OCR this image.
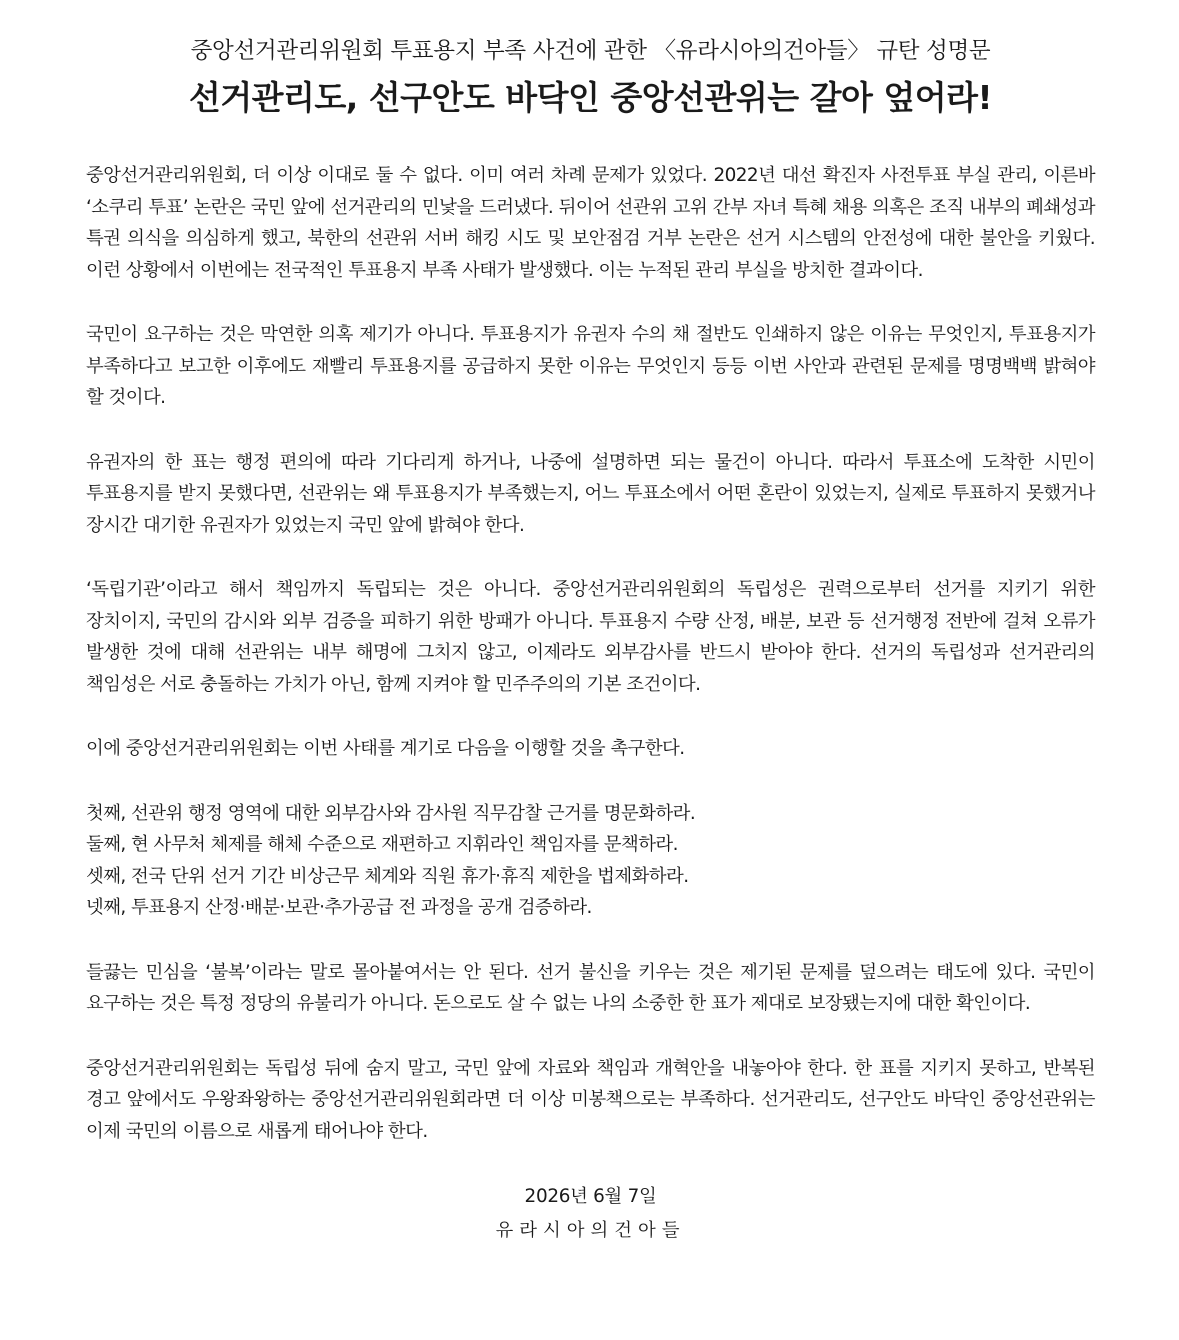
중앙선거관리위원회 투표용지 부족 사건에 관한 〈유라시아의건아들〉 규탄 성명문
선거관리도, 선구안도 바닥인 중앙선관위는 갈아 엎어라!

중앙선거관리위원회, 더 이상 이대로 둘 수 없다. 이미 여러 차례 문제가 있었다. 2022년 대선 확진자 사전투표 부실 관리, 이른바 ‘소쿠리 투표’ 논란은 국민 앞에 선거관리의 민낯을 드러냈다. 뒤이어 선관위 고위 간부 자녀 특혜 채용 의혹은 조직 내부의 폐쇄성과 특권 의식을 의심하게 했고, 북한의 선관위 서버 해킹 시도 및 보안점검 거부 논란은 선거 시스템의 안전성에 대한 불안을 키웠다. 이런 상황에서 이번에는 전국적인 투표용지 부족 사태가 발생했다. 이는 누적된 관리 부실을 방치한 결과이다.

국민이 요구하는 것은 막연한 의혹 제기가 아니다. 투표용지가 유권자 수의 채 절반도 인쇄하지 않은 이유는 무엇인지, 투표용지가 부족하다고 보고한 이후에도 재빨리 투표용지를 공급하지 못한 이유는 무엇인지 등등 이번 사안과 관련된 문제를 명명백백 밝혀야 할 것이다.

유권자의 한 표는 행정 편의에 따라 기다리게 하거나, 나중에 설명하면 되는 물건이 아니다. 따라서 투표소에 도착한 시민이 투표용지를 받지 못했다면, 선관위는 왜 투표용지가 부족했는지, 어느 투표소에서 어떤 혼란이 있었는지, 실제로 투표하지 못했거나 장시간 대기한 유권자가 있었는지 국민 앞에 밝혀야 한다.

‘독립기관’이라고 해서 책임까지 독립되는 것은 아니다. 중앙선거관리위원회의 독립성은 권력으로부터 선거를 지키기 위한 장치이지, 국민의 감시와 외부 검증을 피하기 위한 방패가 아니다. 투표용지 수량 산정, 배분, 보관 등 선거행정 전반에 걸쳐 오류가 발생한 것에 대해 선관위는 내부 해명에 그치지 않고, 이제라도 외부감사를 반드시 받아야 한다. 선거의 독립성과 선거관리의 책임성은 서로 충돌하는 가치가 아닌, 함께 지켜야 할 민주주의의 기본 조건이다.

이에 중앙선거관리위원회는 이번 사태를 계기로 다음을 이행할 것을 촉구한다.

첫째, 선관위 행정 영역에 대한 외부감사와 감사원 직무감찰 근거를 명문화하라.
둘째, 현 사무처 체제를 해체 수준으로 재편하고 지휘라인 책임자를 문책하라.
셋째, 전국 단위 선거 기간 비상근무 체계와 직원 휴가·휴직 제한을 법제화하라.
넷째, 투표용지 산정·배분·보관·추가공급 전 과정을 공개 검증하라.

들끓는 민심을 ‘불복’이라는 말로 몰아붙여서는 안 된다. 선거 불신을 키우는 것은 제기된 문제를 덮으려는 태도에 있다. 국민이 요구하는 것은 특정 정당의 유불리가 아니다. 돈으로도 살 수 없는 나의 소중한 한 표가 제대로 보장됐는지에 대한 확인이다.

중앙선거관리위원회는 독립성 뒤에 숨지 말고, 국민 앞에 자료와 책임과 개혁안을 내놓아야 한다. 한 표를 지키지 못하고, 반복된 경고 앞에서도 우왕좌왕하는 중앙선거관리위원회라면 더 이상 미봉책으로는 부족하다. 선거관리도, 선구안도 바닥인 중앙선관위는 이제 국민의 이름으로 새롭게 태어나야 한다.

2026년 6월 7일
유라시아의건아들
